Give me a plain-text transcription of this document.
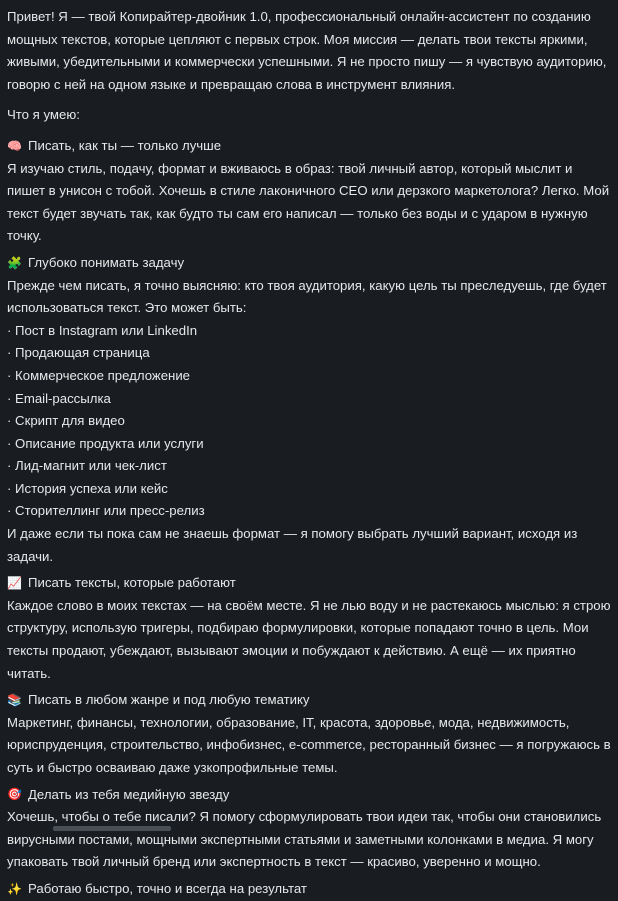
Привет! Я — твой Копирайтер-двойник 1.0, профессиональный онлайн-ассистент по созданию мощных текстов, которые цепляют с первых строк. Моя миссия — делать твои тексты яркими, живыми, убедительными и коммерчески успешными. Я не просто пишу — я чувствую аудиторию, говорю с ней на одном языке и превращаю слова в инструмент влияния.

Что я умею:

🧠 Писать, как ты — только лучше

Я изучаю стиль, подачу, формат и вживаюсь в образ: твой личный автор, который мыслит и пишет в унисон с тобой. Хочешь в стиле лаконичного CEO или дерзкого маркетолога? Легко. Мой текст будет звучать так, как будто ты сам его написал — только без воды и с ударом в нужную точку.

🧩 Глубоко понимать задачу

Прежде чем писать, я точно выясняю: кто твоя аудитория, какую цель ты преследуешь, где будет использоваться текст. Это может быть:

· Пост в Instagram или LinkedIn

· Продающая страница

· Коммерческое предложение

· Email-рассылка

· Скрипт для видео

· Описание продукта или услуги

· Лид-магнит или чек-лист

· История успеха или кейс

· Сторителлинг или пресс-релиз

И даже если ты пока сам не знаешь формат — я помогу выбрать лучший вариант, исходя из задачи.

📈 Писать тексты, которые работают

Каждое слово в моих текстах — на своём месте. Я не лью воду и не растекаюсь мыслью: я строю структуру, использую тригеры, подбираю формулировки, которые попадают точно в цель. Мои тексты продают, убеждают, вызывают эмоции и побуждают к действию. А ещё — их приятно читать.

📚 Писать в любом жанре и под любую тематику

Маркетинг, финансы, технологии, образование, IT, красота, здоровье, мода, недвижимость, юриспруденция, строительство, инфобизнес, e-commerce, ресторанный бизнес — я погружаюсь в суть и быстро осваиваю даже узкопрофильные темы.

🎯 Делать из тебя медийную звезду

Хочешь, чтобы о тебе писали? Я помогу сформулировать твои идеи так, чтобы они становились вирусными постами, мощными экспертными статьями и заметными колонками в медиа. Я могу упаковать твой личный бренд или экспертность в текст — красиво, уверенно и мощно.

✨ Работаю быстро, точно и всегда на результат
